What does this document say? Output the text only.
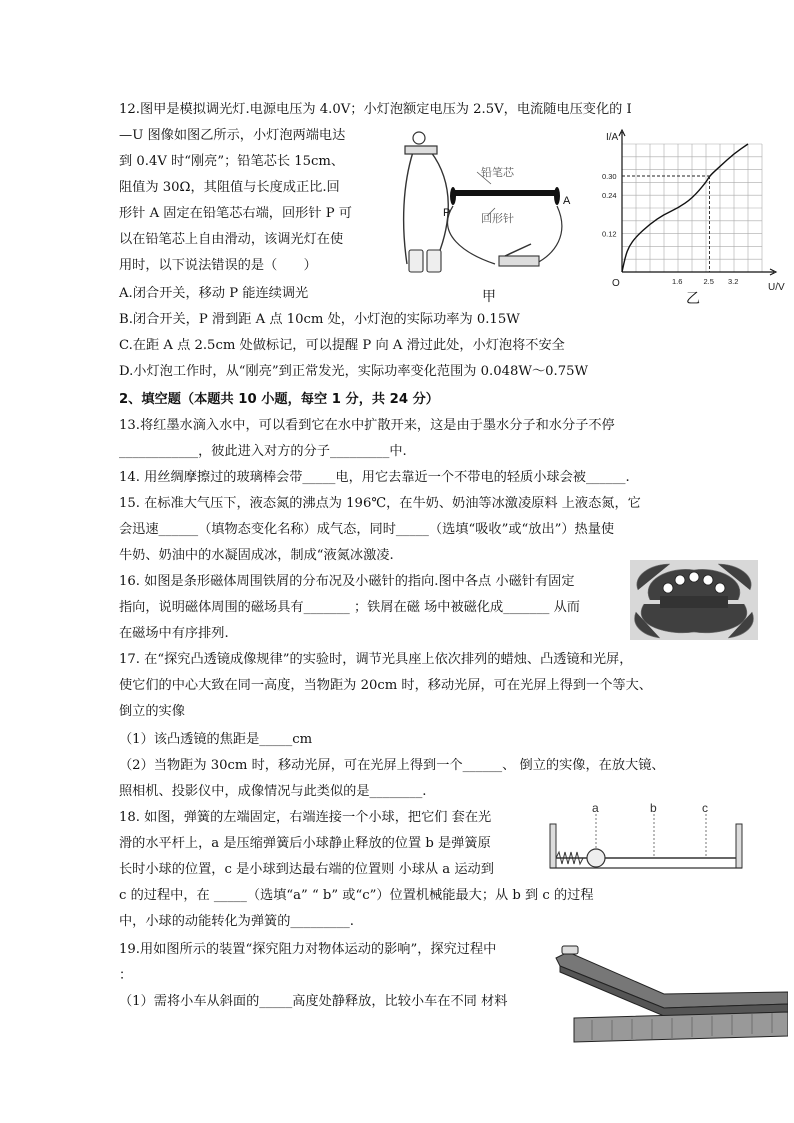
12.图甲是模拟调光灯.电源电压为 4.0V；小灯泡额定电压为 2.5V，电流随电压变化的 I
—U 图像如图乙所示，小灯泡两端电达
到 0.4V 时“刚亮”；铅笔芯长 15cm、
阻值为 30Ω，其阻值与长度成正比.回
形针 A 固定在铅笔芯右端，回形针 P 可
以在铅笔芯上自由滑动，该调光灯在使
用时，以下说法错误的是（　　）
A.闭合开关，移动 P 能连续调光
B.闭合开关，P 滑到距 A 点 10cm 处，小灯泡的实际功率为 0.15W
C.在距 A 点 2.5cm 处做标记，可以提醒 P 向 A 滑过此处，小灯泡将不安全
D.小灯泡工作时，从“刚亮”到正常发光，实际功率变化范围为 0.048W～0.75W
铅笔芯
回形针
P
A
甲
I/A
U/V
O	1.6	2.5 3.2
0.12
0.24
0.30
乙
2、填空题（本题共 10 小题，每空 1 分，共 24 分）
13.将红墨水滴入水中，可以看到它在水中扩散开来，这是由于墨水分子和水分子不停
____________，彼此进入对方的分子_________中.
14. 用丝绸摩擦过的玻璃棒会带_____电，用它去靠近一个不带电的轻质小球会被______.
15. 在标准大气压下，液态氮的沸点为 196℃，在牛奶、奶油等冰激凌原料 上液态氮，它
会迅速______（填物态变化名称）成气态，同时_____（选填“吸收”或“放出”）热量使
牛奶、奶油中的水凝固成冰，制成“液氮冰激凌.
16. 如图是条形磁体周围铁屑的分布况及小磁针的指向.图中各点 小磁针有固定
指向，说明磁体周围的磁场具有_______ ；铁屑在磁 场中被磁化成_______ 从而
在磁场中有序排列.
17. 在“探究凸透镜成像规律”的实验时，调节光具座上依次排列的蜡烛、凸透镜和光屏，
使它们的中心大致在同一高度，当物距为 20cm 时，移动光屏，可在光屏上得到一个等大、
倒立的实像
（1）该凸透镜的焦距是_____cm
（2）当物距为 30cm 时，移动光屏，可在光屏上得到一个______、 倒立的实像，在放大镜、
照相机、投影仪中，成像情况与此类似的是________.
18. 如图，弹簧的左端固定，右端连接一个小球，把它们 套在光
滑的水平杆上，a 是压缩弹簧后小球静止释放的位置 b 是弹簧原
长时小球的位置，c 是小球到达最右端的位置则 小球从 a 运动到
c 的过程中，在 _____（选填“a” “ b” 或“c”）位置机械能最大；从 b 到 c 的过程
中，小球的动能转化为弹簧的_________.
a	b	c
19.用如图所示的装置“探究阻力对物体运动的影响”，探究过程中
：
（1）需将小车从斜面的_____高度处静释放，比较小车在不同 材料
